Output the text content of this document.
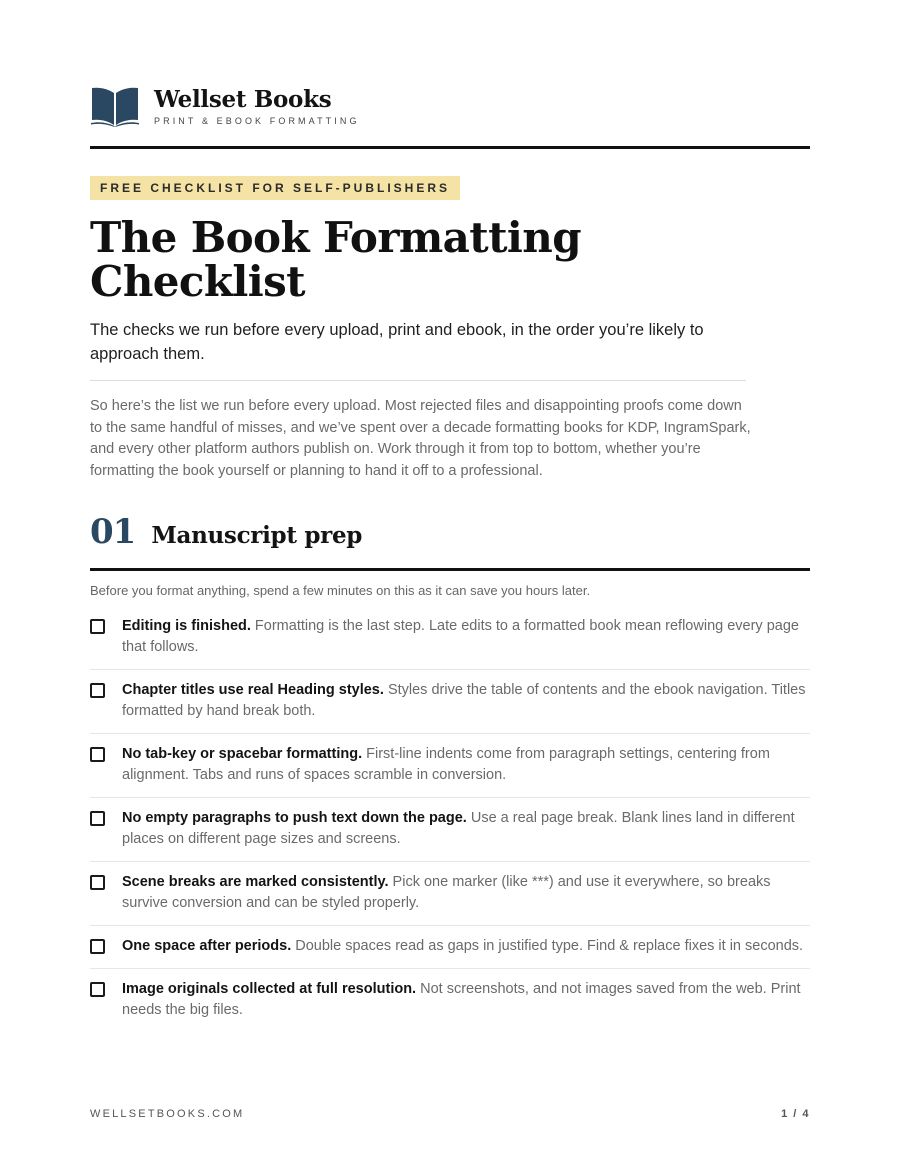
Wellset Books
PRINT & EBOOK FORMATTING
FREE CHECKLIST FOR SELF-PUBLISHERS
The Book Formatting Checklist

The checks we run before every upload, print and ebook, in the order you’re likely to approach them.

So here’s the list we run before every upload. Most rejected files and disappointing proofs come down to the same handful of misses, and we’ve spent over a decade formatting books for KDP, IngramSpark, and every other platform authors publish on. Work through it from top to bottom, whether you’re formatting the book yourself or planning to hand it off to a professional.

01 Manuscript prep
Before you format anything, spend a few minutes on this as it can save you hours later.
Editing is finished. Formatting is the last step. Late edits to a formatted book mean reflowing every page that follows.
Chapter titles use real Heading styles. Styles drive the table of contents and the ebook navigation. Titles formatted by hand break both.
No tab-key or spacebar formatting. First-line indents come from paragraph settings, centering from alignment. Tabs and runs of spaces scramble in conversion.
No empty paragraphs to push text down the page. Use a real page break. Blank lines land in different places on different page sizes and screens.
Scene breaks are marked consistently. Pick one marker (like ***) and use it everywhere, so breaks survive conversion and can be styled properly.
One space after periods. Double spaces read as gaps in justified type. Find & replace fixes it in seconds.
Image originals collected at full resolution. Not screenshots, and not images saved from the web. Print needs the big files.
WELLSETBOOKS.COM	1 / 4
